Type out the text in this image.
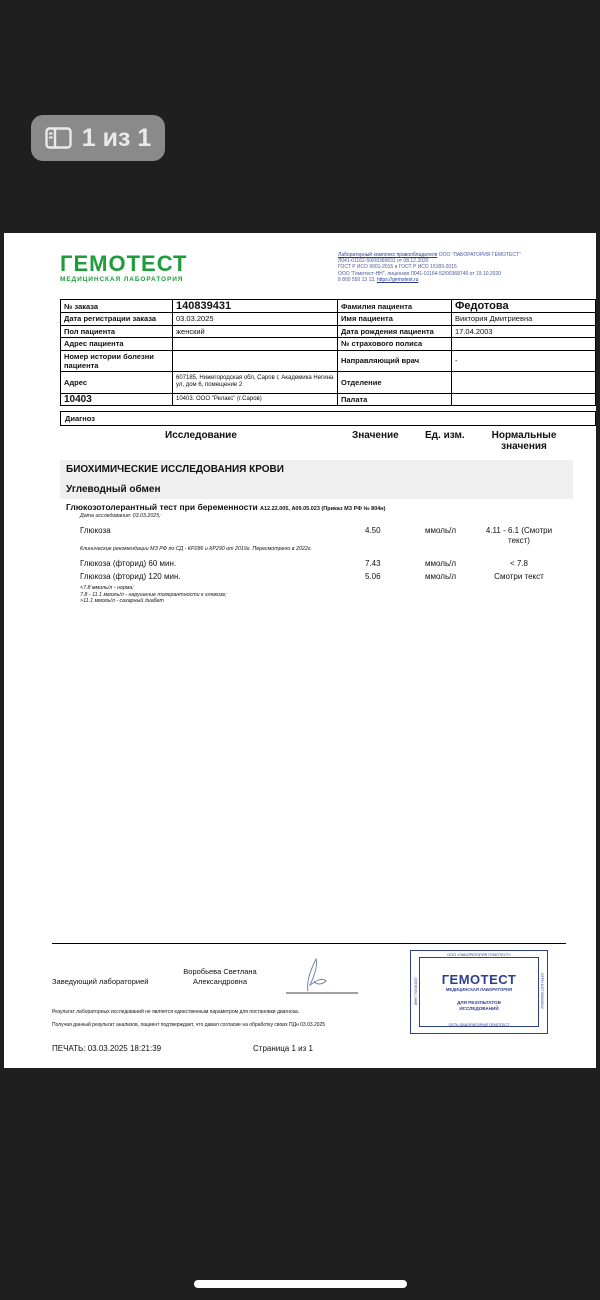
1 из 1
ГЕМОТЕСТ
МЕДИЦИНСКАЯ ЛАБОРАТОРИЯ
Лабораторный комплекс правообладателя ООО "ЛАБОРАТОРИЯ ГЕМОТЕСТ"
Л041-01162-50/00369631 от 08.12.2020
ГОСТ Р ИСО 9001-2015 и ГОСТ Р ИСО 15189-2015
ООО "Гемотест-НН", лицензия Л041-01164-52/00368740 от 19.10.2020
8 800 550 13 13, https://gemotest.ru
№ заказа	140839431	Фамилия пациента	Федотова
Дата регистрации заказа	03.03.2025	Имя пациента	Виктория Дмитриевна
Пол пациента	женский	Дата рождения пациента	17.04.2003
Адрес пациента		№ страхового полиса	
Номер истории болезни пациента		Направляющий врач	-
Адрес	607185, Нижегородская обл, Саров г, Академика Негина ул, дом 6, помещение 2	Отделение	
10403	10403. ООО "Релакс" (г.Саров)	Палата	
Диагноз
Исследование	Значение	Ед. изм.	Нормальные
значения
БИОХИМИЧЕСКИЕ ИССЛЕДОВАНИЯ КРОВИ
Углеводный обмен
Глюкозотолерантный тест при беременности А12.22.005, А09.05.023 (Приказ МЗ РФ № 804н)
Дата исследования: 03.03.2025;
Глюкоза	4.50	ммоль/л	4.11 - 6.1 (Смотри
текст)
Клинические рекомендации МЗ РФ по СД - КР286 и КР290 от 2019г. Пересмотрено в 2022г.
Глюкоза (фторид) 60 мин.	7.43	ммоль/л	< 7.8
Глюкоза (фторид) 120 мин.	5.06	ммоль/л	Смотри текст
<7.8 ммоль/л - норма;
7.8 - 11.1 ммоль/л - нарушение толерантности к глюкозе;
>11.1 ммоль/л - сахарный диабет
Заведующий лабораторией
Воробьева Светлана
Александровна
Результат лабораторных исследований не является единственным параметром для постановки диагноза.
Получая данный результат анализов, пациент подтверждает, что давал согласие на обработку своих ПДн 03.03.2025
ПЕЧАТЬ: 03.03.2025 18:21:39	Страница 1 из 1
ООО «ЛАБОРАТОРИЯ ГЕМОТЕСТ»
ГЕМОТЕСТ
МЕДИЦИНСКАЯ ЛАБОРАТОРИЯ
ДЛЯ РЕЗУЛЬТАТОВ
ИССЛЕДОВАНИЙ
СЕТЬ ЛАБОРАТОРИЙ ГЕМОТЕСТ
ИНН 7706384057	ОГРН 1027706000642
